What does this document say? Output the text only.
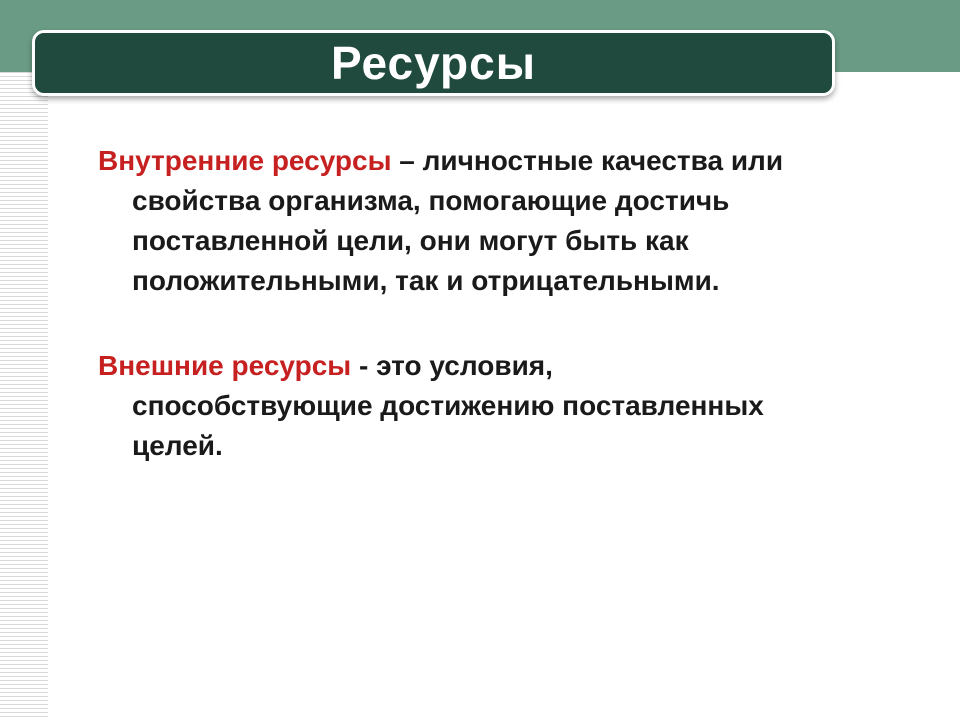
Ресурсы
Внутренние ресурсы – личностные качества или
свойства организма, помогающие достичь
поставленной цели, они могут быть как
положительными, так и отрицательными.
Внешние ресурсы - это условия,
способствующие достижению поставленных
целей.
